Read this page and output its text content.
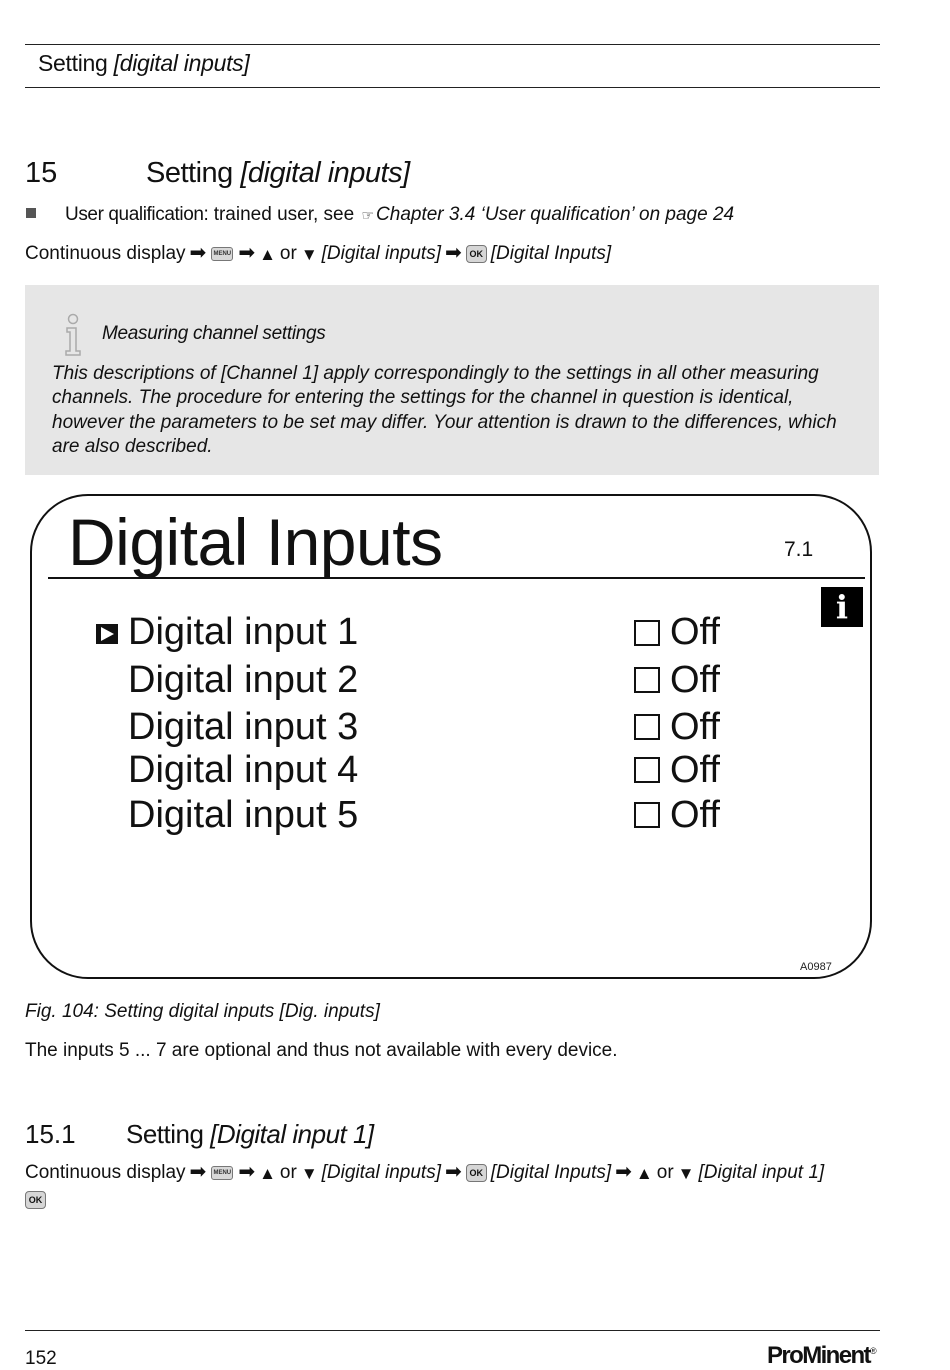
Setting [digital inputs]
15	Setting [digital inputs]
User qualification: trained user, see ☞ Chapter 3.4 ‘User qualification’ on page 24
Continuous display ➡	MENU ➡ ▲ or ▼ [Digital inputs] ➡ OK [Digital Inputs]
Measuring channel settings
This descriptions of [Channel 1] apply correspondingly to the settings in all other measuring channels. The procedure for entering the settings for the channel in question is identical, however the parameters to be set may differ. Your attention is drawn to the differences, which are also described.
Digital Inputs	7.1
i
Digital input 1	Off
Digital input 2	Off
Digital input 3	Off
Digital input 4	Off
Digital input 5	Off
A0987
Fig. 104: Setting digital inputs [Dig. inputs]
The inputs 5 ... 7 are optional and thus not available with every device.
15.1 Setting [Digital input 1]
Continuous display ➡	MENU ➡ ▲ or ▼ [Digital inputs] ➡ OK [Digital Inputs] ➡ ▲ or ▼ [Digital input 1]
OK
152	ProMinent®
